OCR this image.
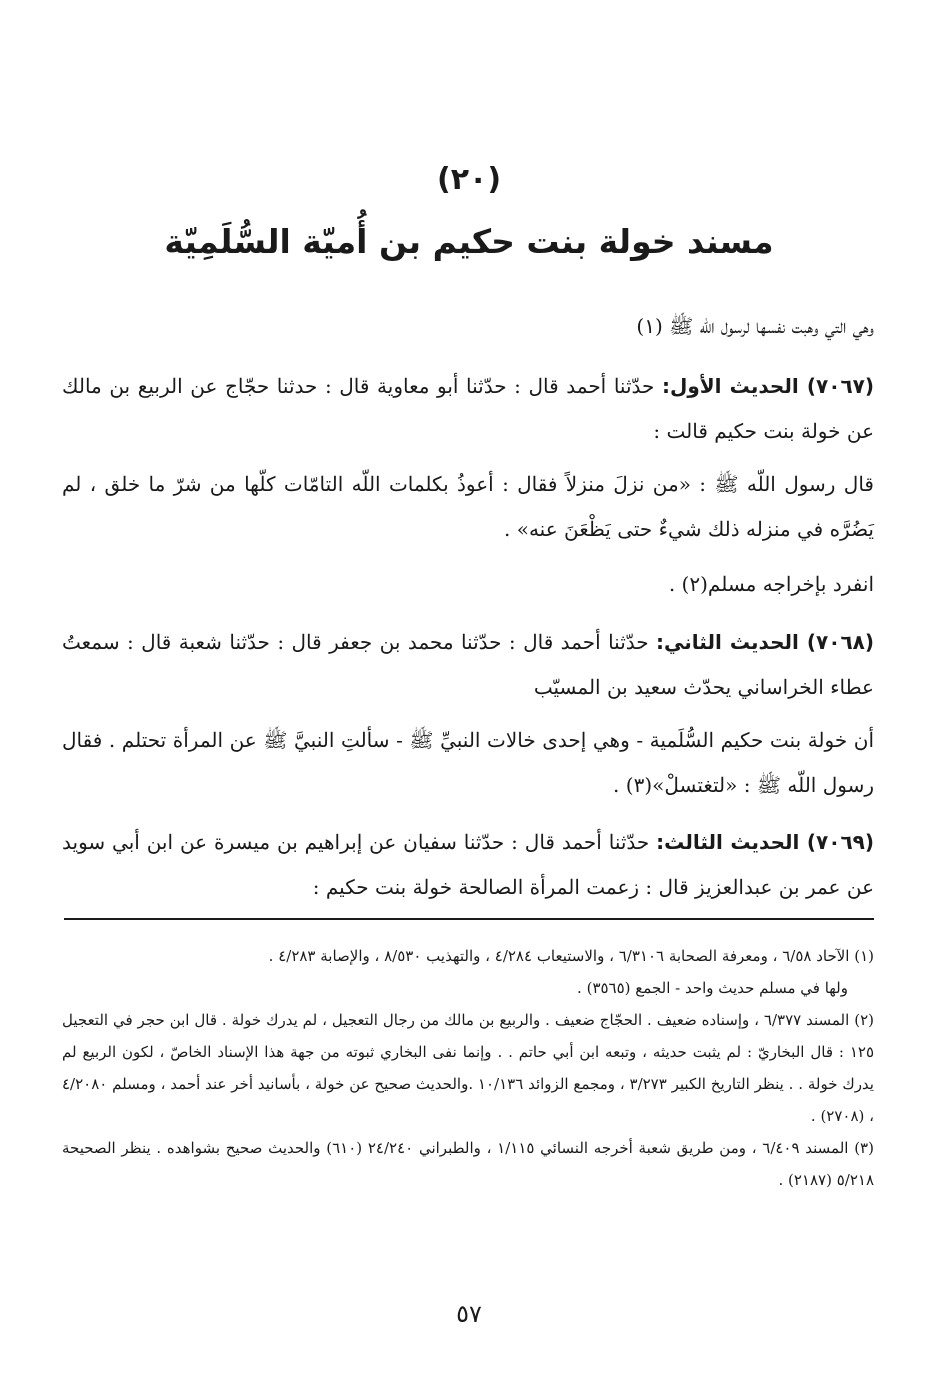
(٢٠)
مسند خولة بنت حكيم بن أُميّة السُّلَمِيّة

وهي التي وهبت نفسها لرسول اللّه ﷺ (١)

(٧٠٦٧) الحديث الأول: حدّثنا أحمد قال : حدّثنا أبو معاوية قال : حدثنا حجّاج عن الربيع بن مالك عن خولة بنت حكيم قالت :

قال رسول اللّه ﷺ : «من نزلَ منزلاً فقال : أعوذُ بكلمات اللّه التامّات كلّها من شرّ ما خلق ، لم يَضُرَّه في منزله ذلك شيءٌ حتى يَظْعَنَ عنه» .

انفرد بإخراجه مسلم(٢) .

(٧٠٦٨) الحديث الثاني: حدّثنا أحمد قال : حدّثنا محمد بن جعفر قال : حدّثنا شعبة قال : سمعتُ عطاء الخراساني يحدّث سعيد بن المسيّب

أن خولة بنت حكيم السُّلَمية - وهي إحدى خالات النبيِّ ﷺ - سألتِ النبيَّ ﷺ عن المرأة تحتلم . فقال رسول اللّه ﷺ : «لتغتسلْ»(٣) .

(٧٠٦٩) الحديث الثالث: حدّثنا أحمد قال : حدّثنا سفيان عن إبراهيم بن ميسرة عن ابن أبي سويد عن عمر بن عبدالعزيز قال : زعمت المرأة الصالحة خولة بنت حكيم :

(١) الآحاد ٦/٥٨ ، ومعرفة الصحابة ٦/٣١٠٦ ، والاستيعاب ٤/٢٨٤ ، والتهذيب ٨/٥٣٠ ، والإصابة ٤/٢٨٣ .

ولها في مسلم حديث واحد - الجمع (٣٥٦٥) .

(٢) المسند ٦/٣٧٧ ، وإسناده ضعيف . الحجّاج ضعيف . والربيع بن مالك من رجال التعجيل ، لم يدرك خولة . قال ابن حجر في التعجيل ١٢٥ : قال البخاريّ : لم يثبت حديثه ، وتبعه ابن أبي حاتم . . وإنما نفى البخاري ثبوته من جهة هذا الإسناد الخاصّ ، لكون الربيع لم يدرك خولة . . ينظر التاريخ الكبير ٣/٢٧٣ ، ومجمع الزوائد ١٠/١٣٦ .والحديث صحيح عن خولة ، بأسانيد أخر عند أحمد ، ومسلم ٤/٢٠٨٠ ، (٢٧٠٨) .

(٣) المسند ٦/٤٠٩ ، ومن طريق شعبة أخرجه النسائي ١/١١٥ ، والطبراني ٢٤/٢٤٠ (٦١٠) والحديث صحيح بشواهده . ينظر الصحيحة ٥/٢١٨ (٢١٨٧) .

٥٧
